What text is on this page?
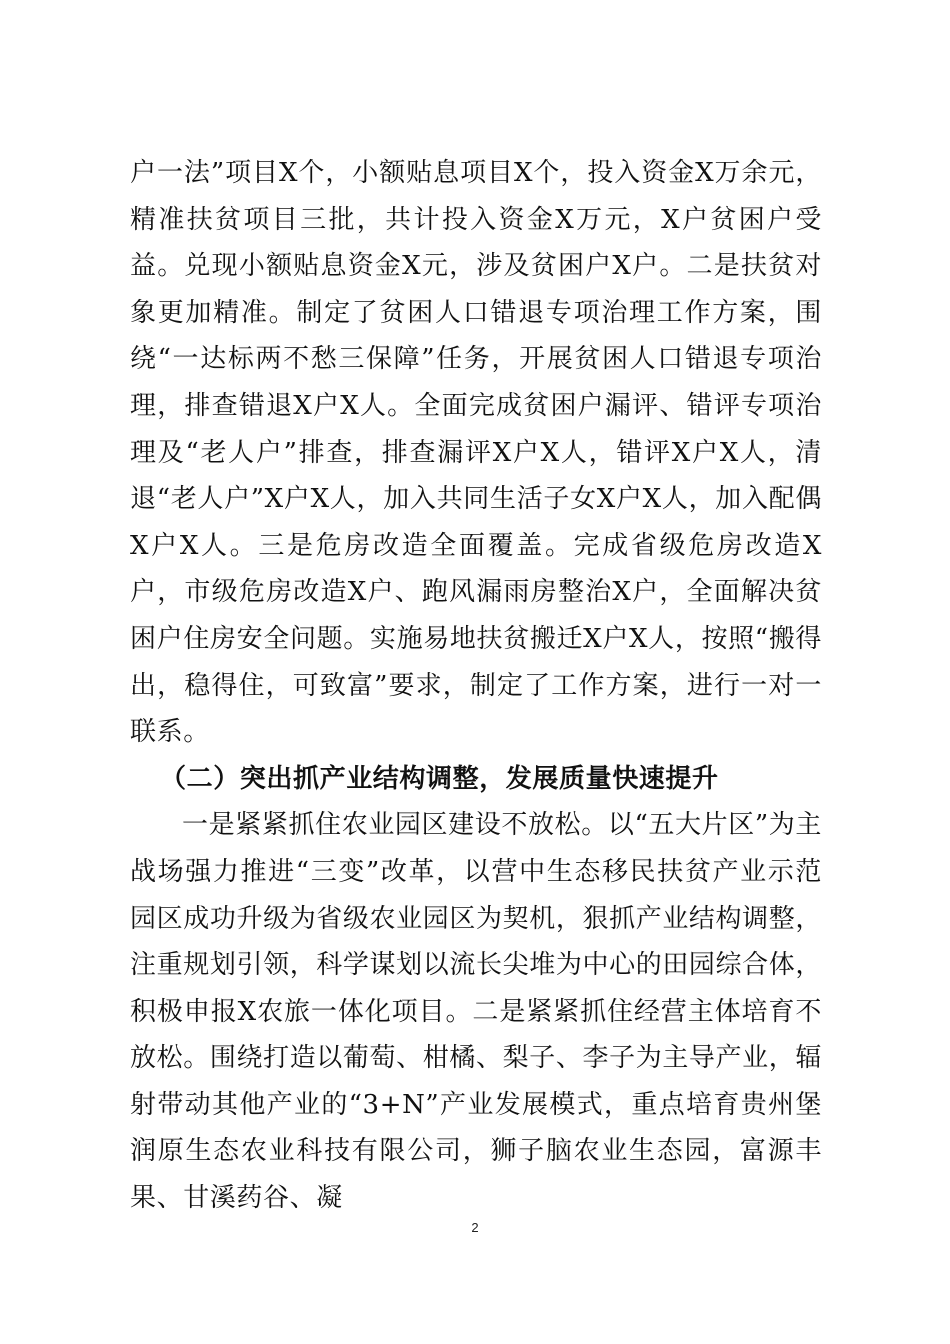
户一法”项目X个，小额贴息项目X个，投入资金X万余元，精准扶贫项目三批，共计投入资金X万元，X户贫困户受益。兑现小额贴息资金X元，涉及贫困户X户。二是扶贫对象更加精准。制定了贫困人口错退专项治理工作方案，围绕“一达标两不愁三保障”任务，开展贫困人口错退专项治理，排查错退X户X人。全面完成贫困户漏评、错评专项治理及“老人户”排查，排查漏评X户X人，错评X户X人，清退“老人户”X户X人，加入共同生活子女X户X人，加入配偶X户X人。三是危房改造全面覆盖。完成省级危房改造X户，市级危房改造X户、跑风漏雨房整治X户，全面解决贫困户住房安全问题。实施易地扶贫搬迁X户X人，按照“搬得出，稳得住，可致富”要求，制定了工作方案，进行一对一联系。

（二）突出抓产业结构调整，发展质量快速提升

一是紧紧抓住农业园区建设不放松。以“五大片区”为主战场强力推进“三变”改革，以营中生态移民扶贫产业示范园区成功升级为省级农业园区为契机，狠抓产业结构调整，注重规划引领，科学谋划以流长尖堆为中心的田园综合体，积极申报X农旅一体化项目。二是紧紧抓住经营主体培育不放松。围绕打造以葡萄、柑橘、梨子、李子为主导产业，辐射带动其他产业的“3+N”产业发展模式，重点培育贵州堡润原生态农业科技有限公司，狮子脑农业生态园，富源丰果、甘溪药谷、凝

2
